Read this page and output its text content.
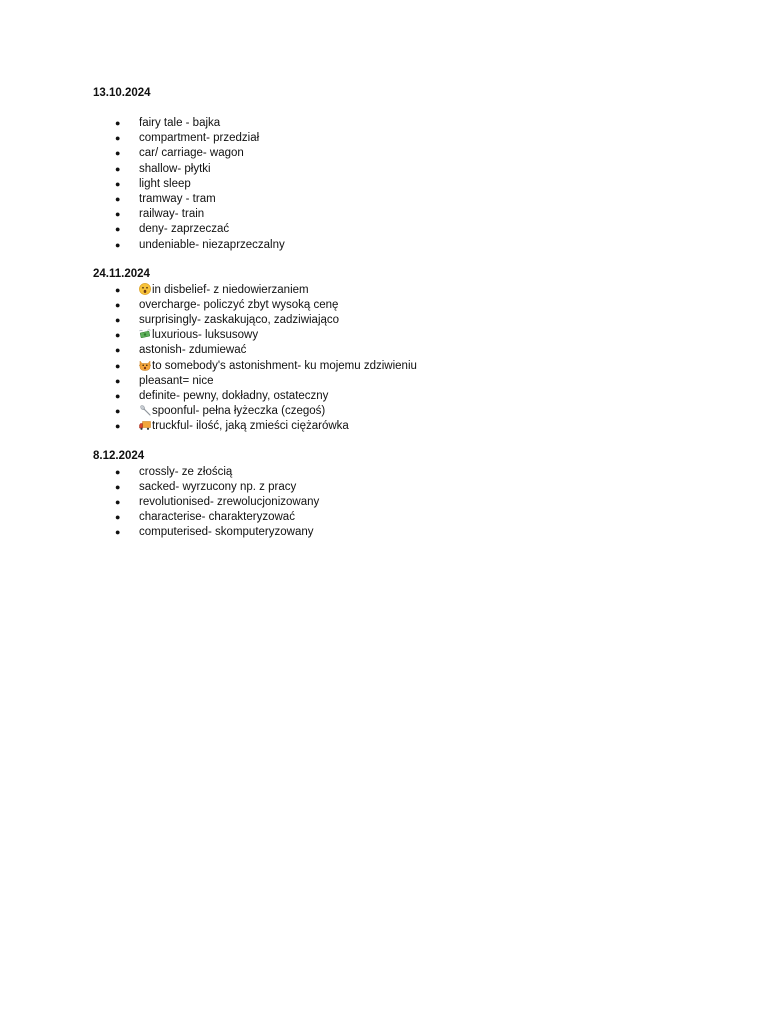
13.10.2024
● fairy tale - bajka
● compartment- przedział
● car/ carriage- wagon
● shallow- płytki
● light sleep
● tramway - tram
● railway- train
● deny- zaprzeczać
● undeniable- niezaprzeczalny
24.11.2024
●	in disbelief- z niedowierzaniem
● overcharge- policzyć zbyt wysoką cenę
● surprisingly- zaskakująco, zadziwiająco
●	luxurious- luksusowy
● astonish- zdumiewać
●	to somebody's astonishment- ku mojemu zdziwieniu
● pleasant= nice
● definite- pewny, dokładny, ostateczny
●	spoonful- pełna łyżeczka (czegoś)
●	truckful- ilość, jaką zmieści ciężarówka
8.12.2024
● crossly- ze złością
● sacked- wyrzucony np. z pracy
● revolutionised- zrewolucjonizowany
● characterise- charakteryzować
● computerised- skomputeryzowany
